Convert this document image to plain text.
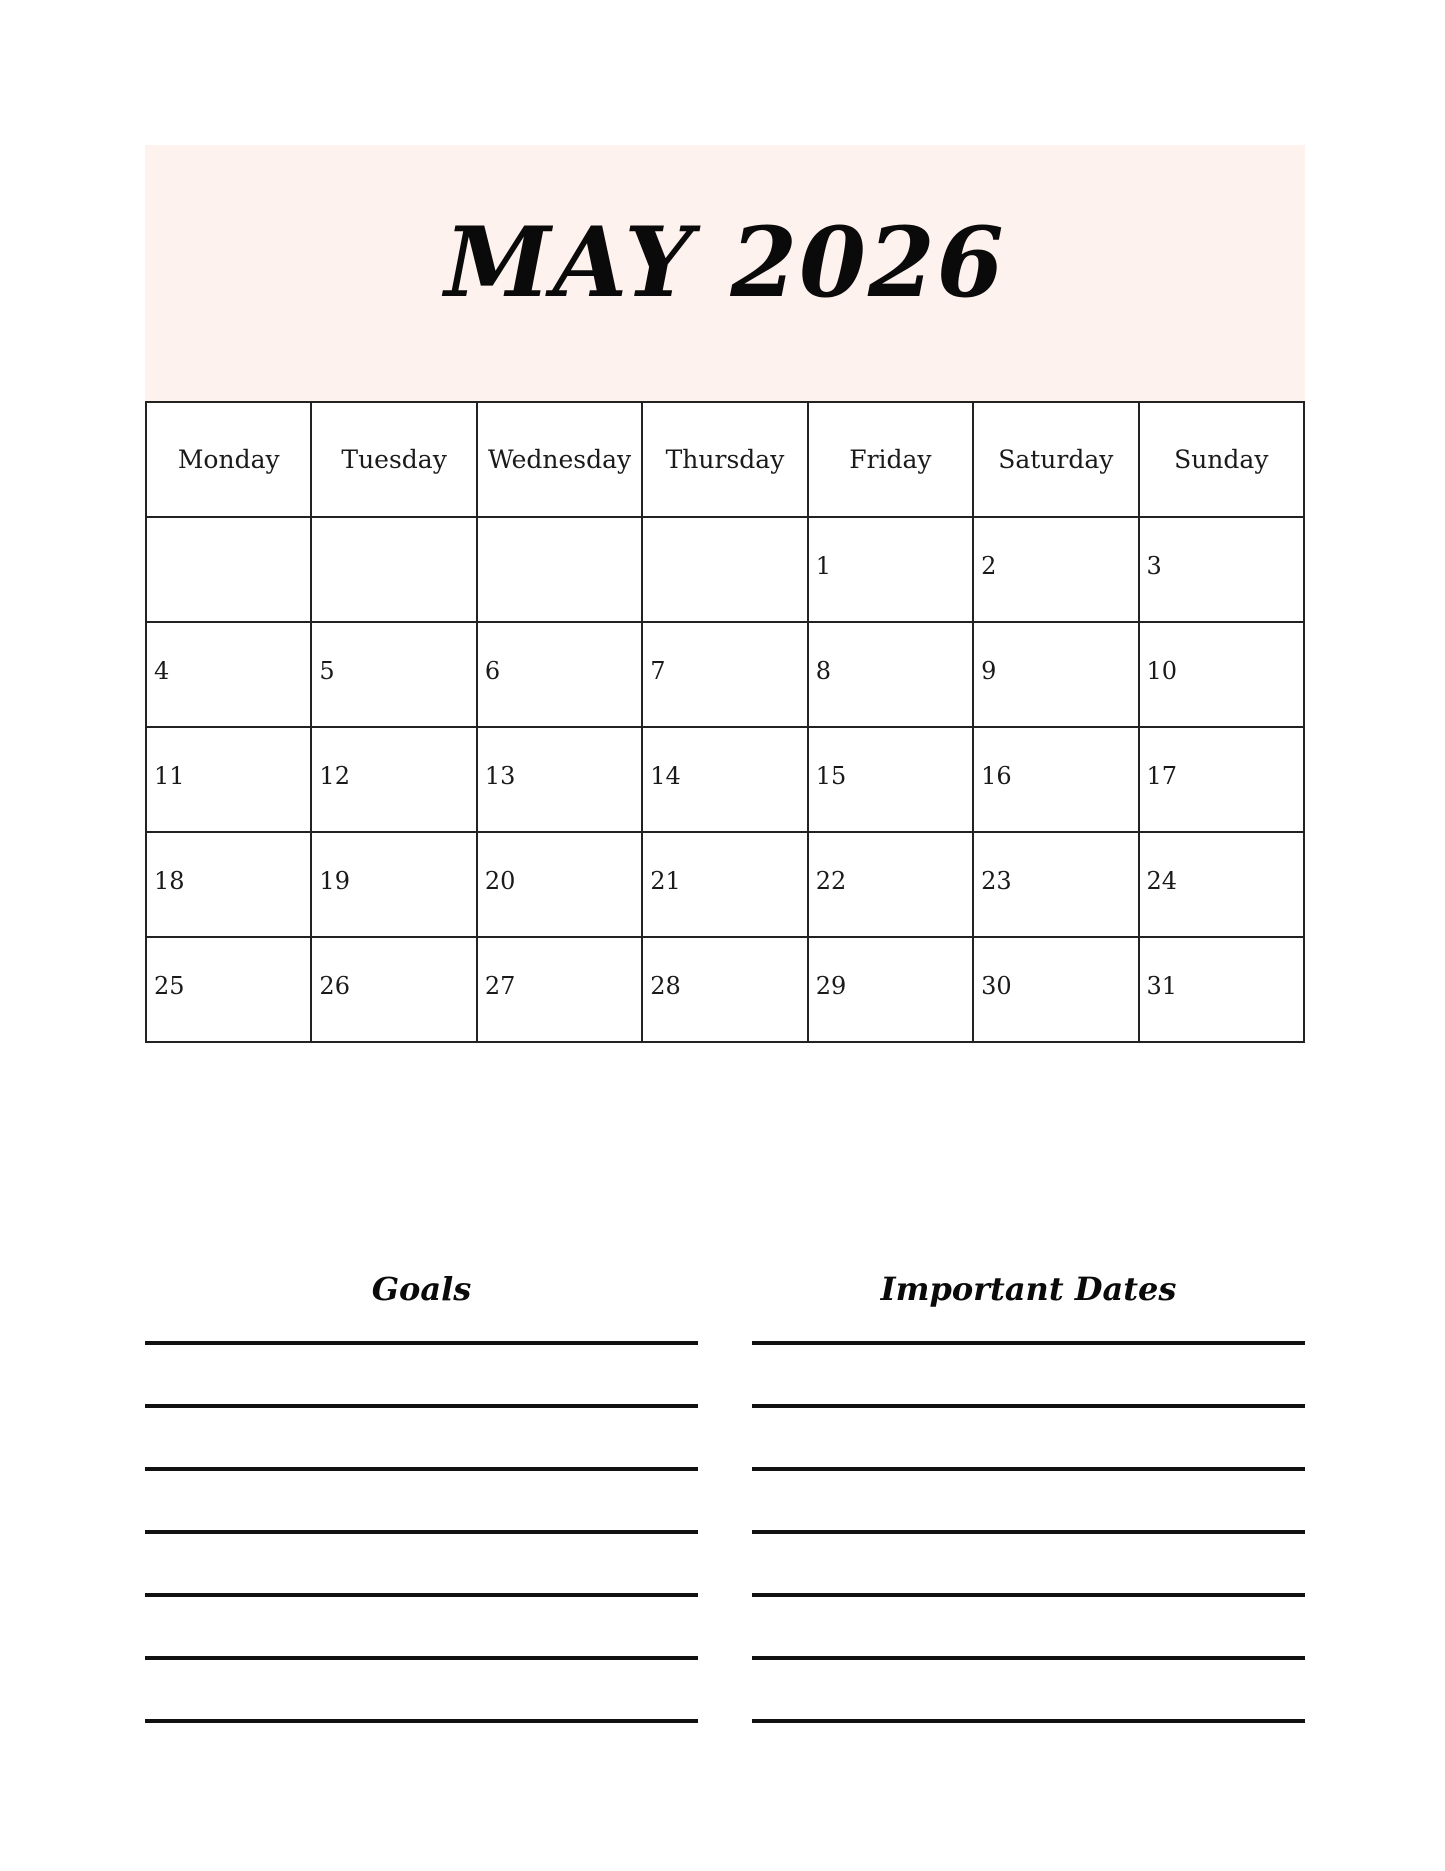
MAY 2026
Monday	Tuesday	Wednesday	Thursday	Friday	Saturday	Sunday

				1	2	3

4	5	6	7	8	9	10

11	12	13	14	15	16	17

18	19	20	21	22	23	24

25	26	27	28	29	30	31
Goals	Important Dates
